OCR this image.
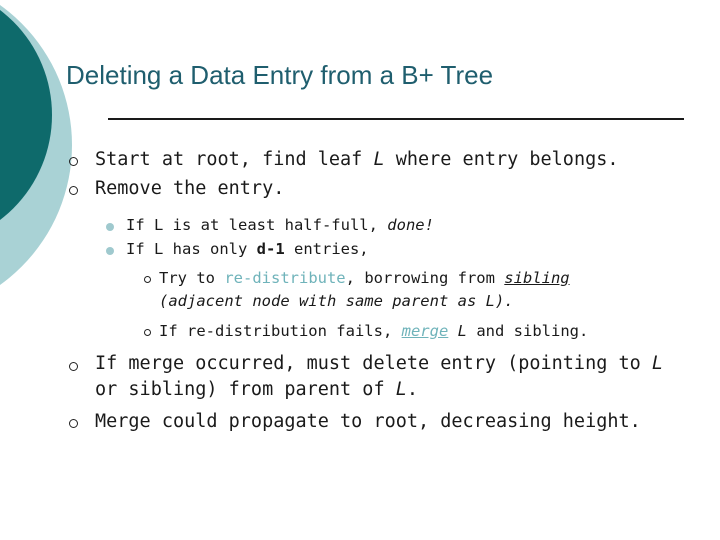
Deleting a Data Entry from a B+ Tree
Start at root, find leaf L where entry belongs.
Remove the entry.
If L is at least half-full, done!
If L has only d-1 entries,
Try to re-distribute, borrowing from sibling
(adjacent node with same parent as L).
If re-distribution fails, merge L and sibling.
If merge occurred, must delete entry (pointing to L
or sibling) from parent of L.
Merge could propagate to root, decreasing height.
